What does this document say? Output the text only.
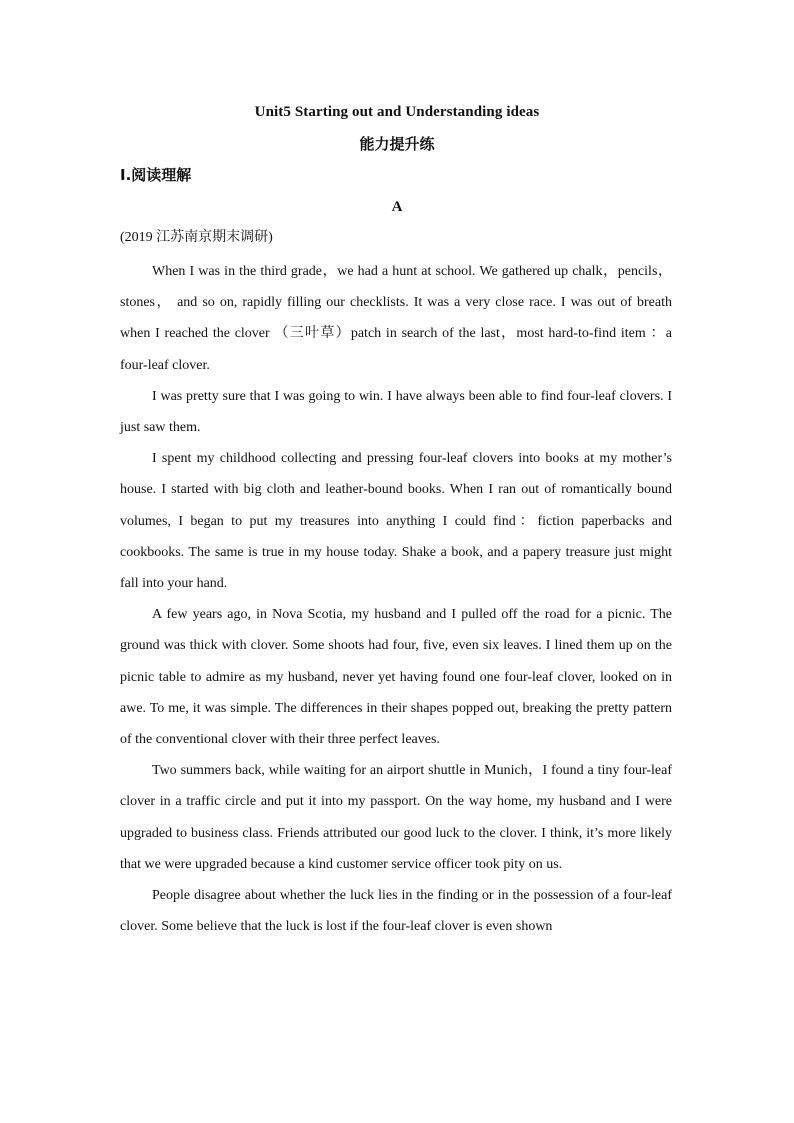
Unit5 Starting out and Understanding ideas
能力提升练
Ⅰ.阅读理解
A
(2019 江苏南京期末调研)

When I was in the third grade，we had a hunt at school. We gathered up chalk，pencils， stones， and so on, rapidly filling our checklists. It was a very close race. I was out of breath when I reached the clover （三叶草）patch in search of the last，most hard-to-find item ：a four-leaf clover.

I was pretty sure that I was going to win. I have always been able to find four-leaf clovers. I just saw them.

I spent my childhood collecting and pressing four-leaf clovers into books at my mother’s house. I started with big cloth and leather-bound books. When I ran out of romantically bound volumes, I began to put my treasures into anything I could find：fiction paperbacks and cookbooks. The same is true in my house today. Shake a book, and a papery treasure just might fall into your hand.

A few years ago, in Nova Scotia, my husband and I pulled off the road for a picnic. The ground was thick with clover. Some shoots had four, five, even six leaves. I lined them up on the picnic table to admire as my husband, never yet having found one four-leaf clover, looked on in awe. To me, it was simple. The differences in their shapes popped out, breaking the pretty pattern of the conventional clover with their three perfect leaves.

Two summers back, while waiting for an airport shuttle in Munich，I found a tiny four-leaf clover in a traffic circle and put it into my passport. On the way home, my husband and I were upgraded to business class. Friends attributed our good luck to the clover. I think, it’s more likely that we were upgraded because a kind customer service officer took pity on us.

People disagree about whether the luck lies in the finding or in the possession of a four-leaf clover. Some believe that the luck is lost if the four-leaf clover is even shown
